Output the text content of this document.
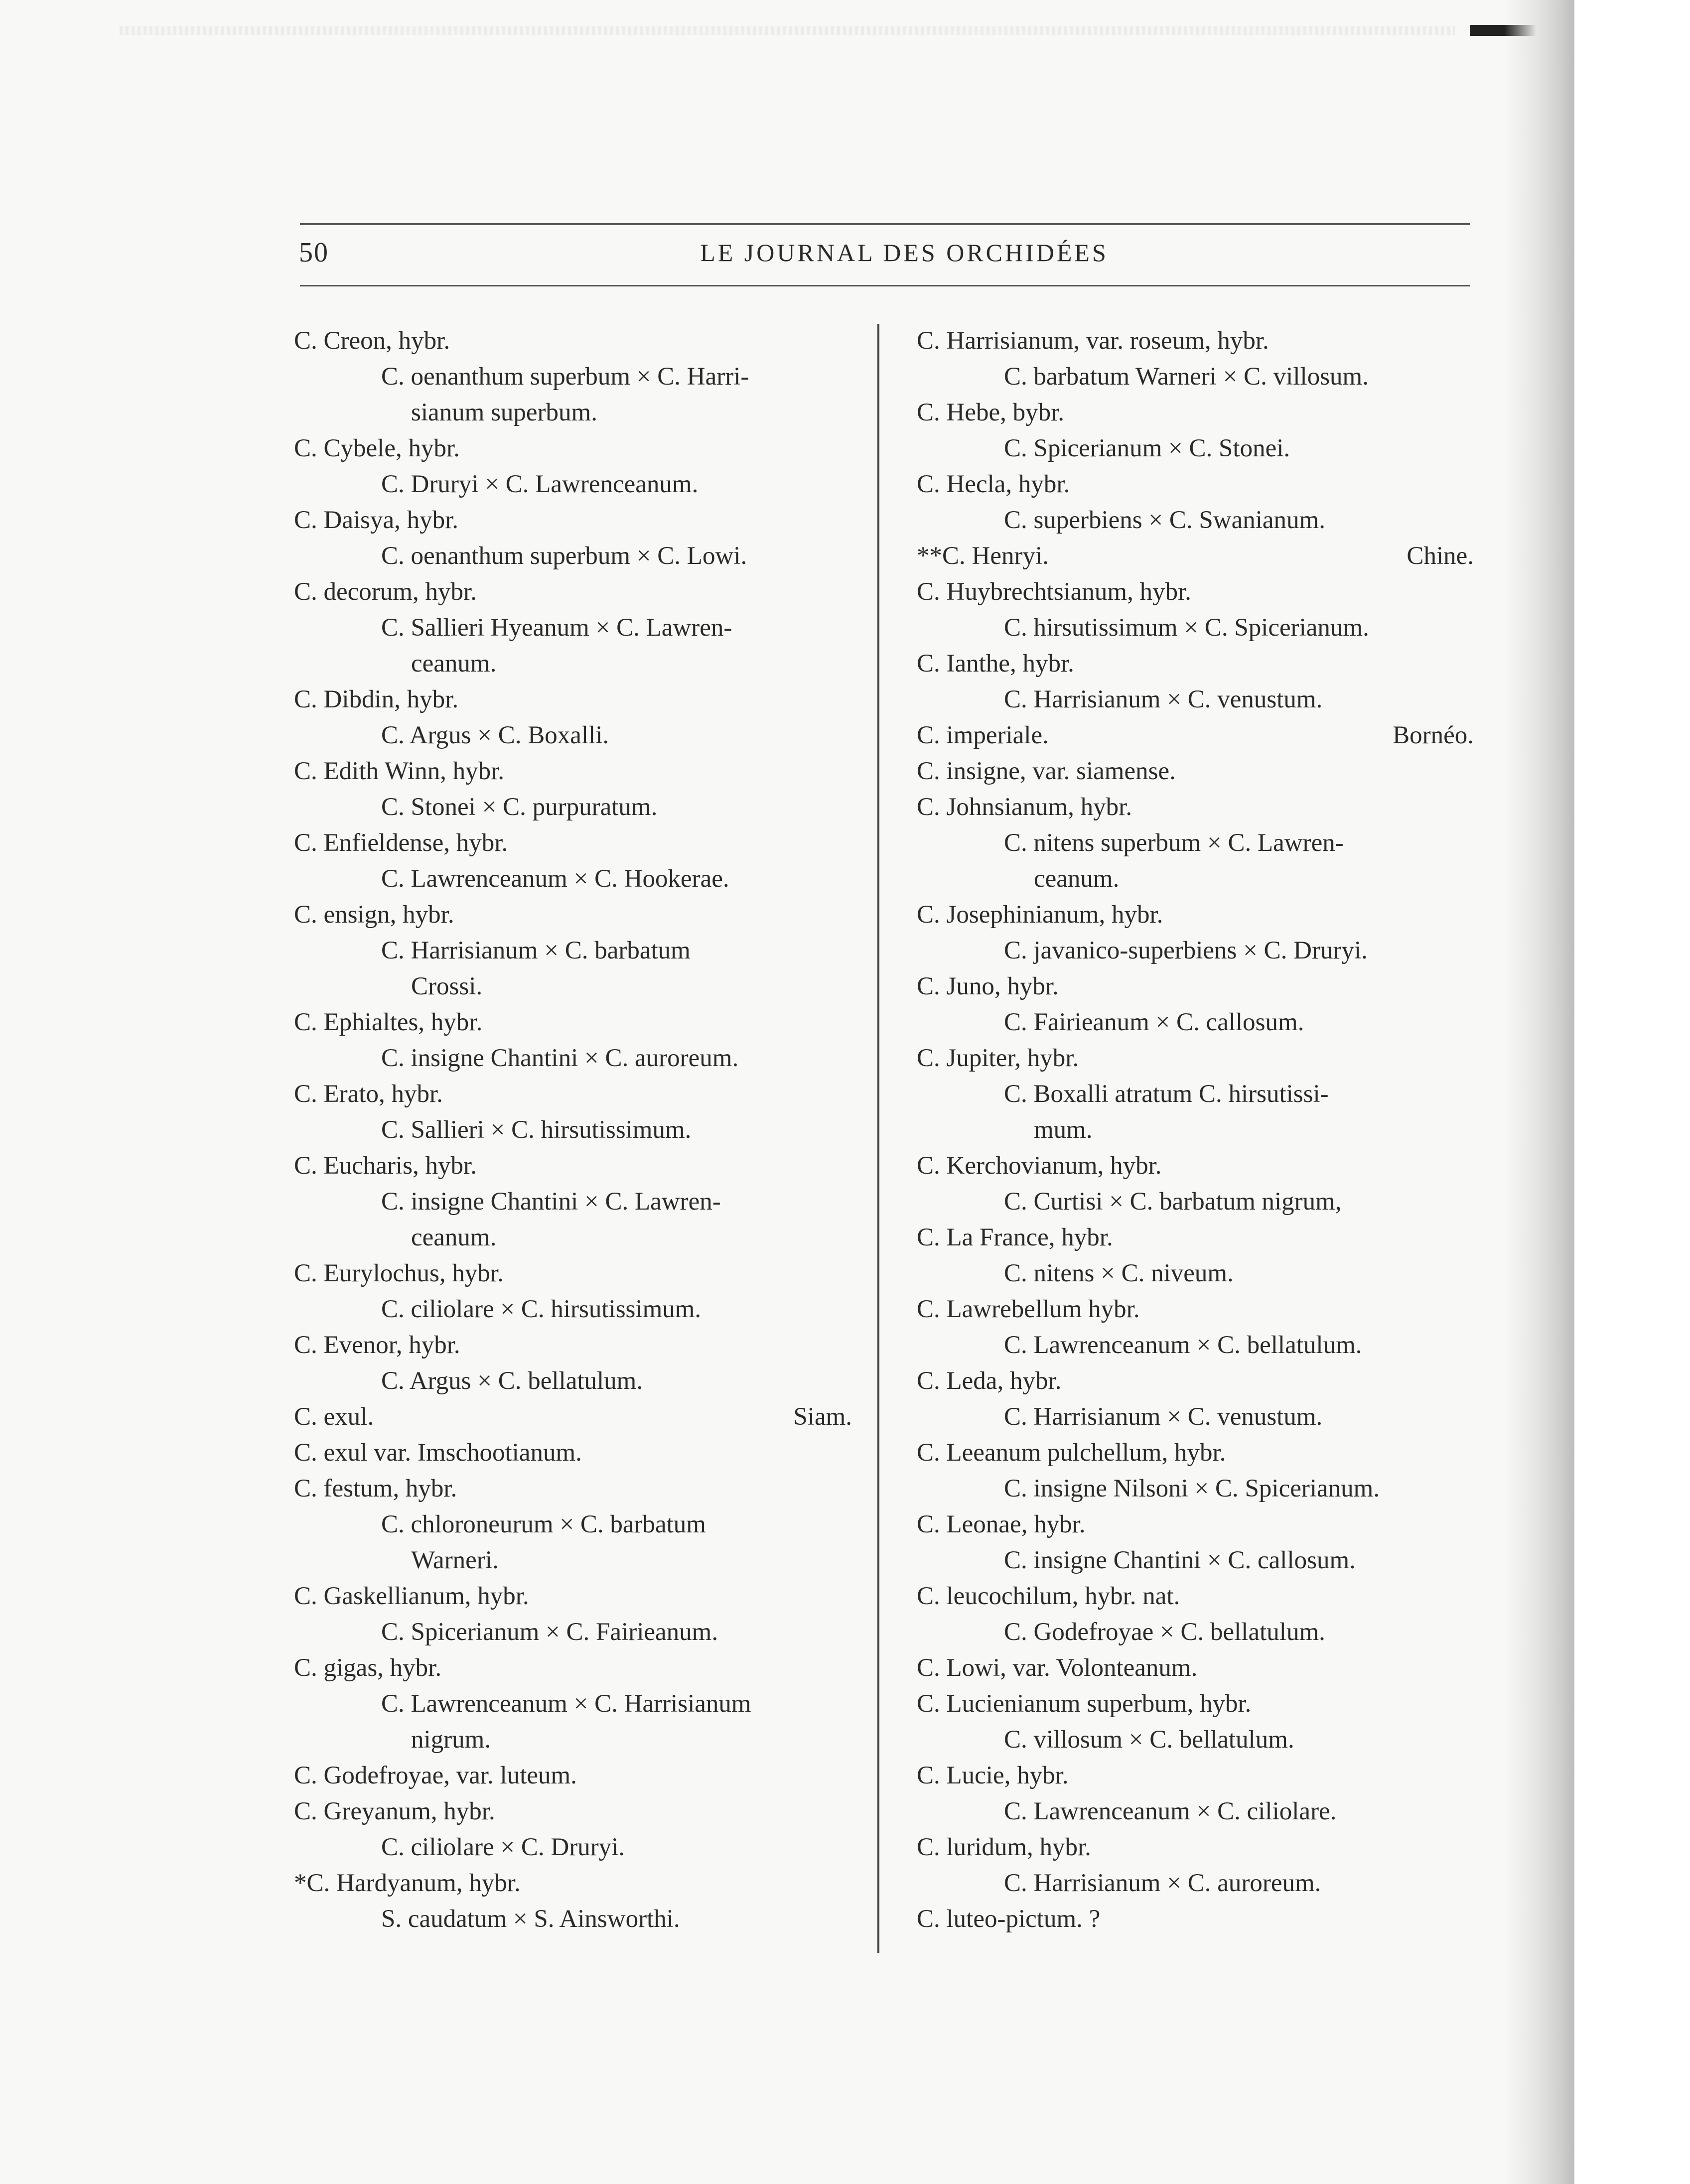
50	LE JOURNAL DES ORCHIDÉES
C. Creon, hybr.
C. oenanthum superbum × C. Harri-
sianum superbum.
C. Cybele, hybr.
C. Druryi × C. Lawrenceanum.
C. Daisya, hybr.
C. oenanthum superbum × C. Lowi.
C. decorum, hybr.
C. Sallieri Hyeanum × C. Lawren-
ceanum.
C. Dibdin, hybr.
C. Argus × C. Boxalli.
C. Edith Winn, hybr.
C. Stonei × C. purpuratum.
C. Enfieldense, hybr.
C. Lawrenceanum × C. Hookerae.
C. ensign, hybr.
C. Harrisianum × C. barbatum
Crossi.
C. Ephialtes, hybr.
C. insigne Chantini × C. auroreum.
C. Erato, hybr.
C. Sallieri × C. hirsutissimum.
C. Eucharis, hybr.
C. insigne Chantini × C. Lawren-
ceanum.
C. Eurylochus, hybr.
C. ciliolare × C. hirsutissimum.
C. Evenor, hybr.
C. Argus × C. bellatulum.
C. exul.	Siam.
C. exul var. Imschootianum.
C. festum, hybr.
C. chloroneurum × C. barbatum
Warneri.
C. Gaskellianum, hybr.
C. Spicerianum × C. Fairieanum.
C. gigas, hybr.
C. Lawrenceanum × C. Harrisianum
nigrum.
C. Godefroyae, var. luteum.
C. Greyanum, hybr.
C. ciliolare × C. Druryi.
*C. Hardyanum, hybr.
S. caudatum × S. Ainsworthi.
C. Harrisianum, var. roseum, hybr.
C. barbatum Warneri × C. villosum.
C. Hebe, bybr.
C. Spicerianum × C. Stonei.
C. Hecla, hybr.
C. superbiens × C. Swanianum.
**C. Henryi.	Chine.
C. Huybrechtsianum, hybr.
C. hirsutissimum × C. Spicerianum.
C. Ianthe, hybr.
C. Harrisianum × C. venustum.
C. imperiale.	Bornéo.
C. insigne, var. siamense.
C. Johnsianum, hybr.
C. nitens superbum × C. Lawren-
ceanum.
C. Josephinianum, hybr.
C. javanico-superbiens × C. Druryi.
C. Juno, hybr.
C. Fairieanum × C. callosum.
C. Jupiter, hybr.
C. Boxalli atratum C. hirsutissi-
mum.
C. Kerchovianum, hybr.
C. Curtisi × C. barbatum nigrum,
C. La France, hybr.
C. nitens × C. niveum.
C. Lawrebellum hybr.
C. Lawrenceanum × C. bellatulum.
C. Leda, hybr.
C. Harrisianum × C. venustum.
C. Leeanum pulchellum, hybr.
C. insigne Nilsoni × C. Spicerianum.
C. Leonae, hybr.
C. insigne Chantini × C. callosum.
C. leucochilum, hybr. nat.
C. Godefroyae × C. bellatulum.
C. Lowi, var. Volonteanum.
C. Lucienianum superbum, hybr.
C. villosum × C. bellatulum.
C. Lucie, hybr.
C. Lawrenceanum × C. ciliolare.
C. luridum, hybr.
C. Harrisianum × C. auroreum.
C. luteo-pictum. ?
